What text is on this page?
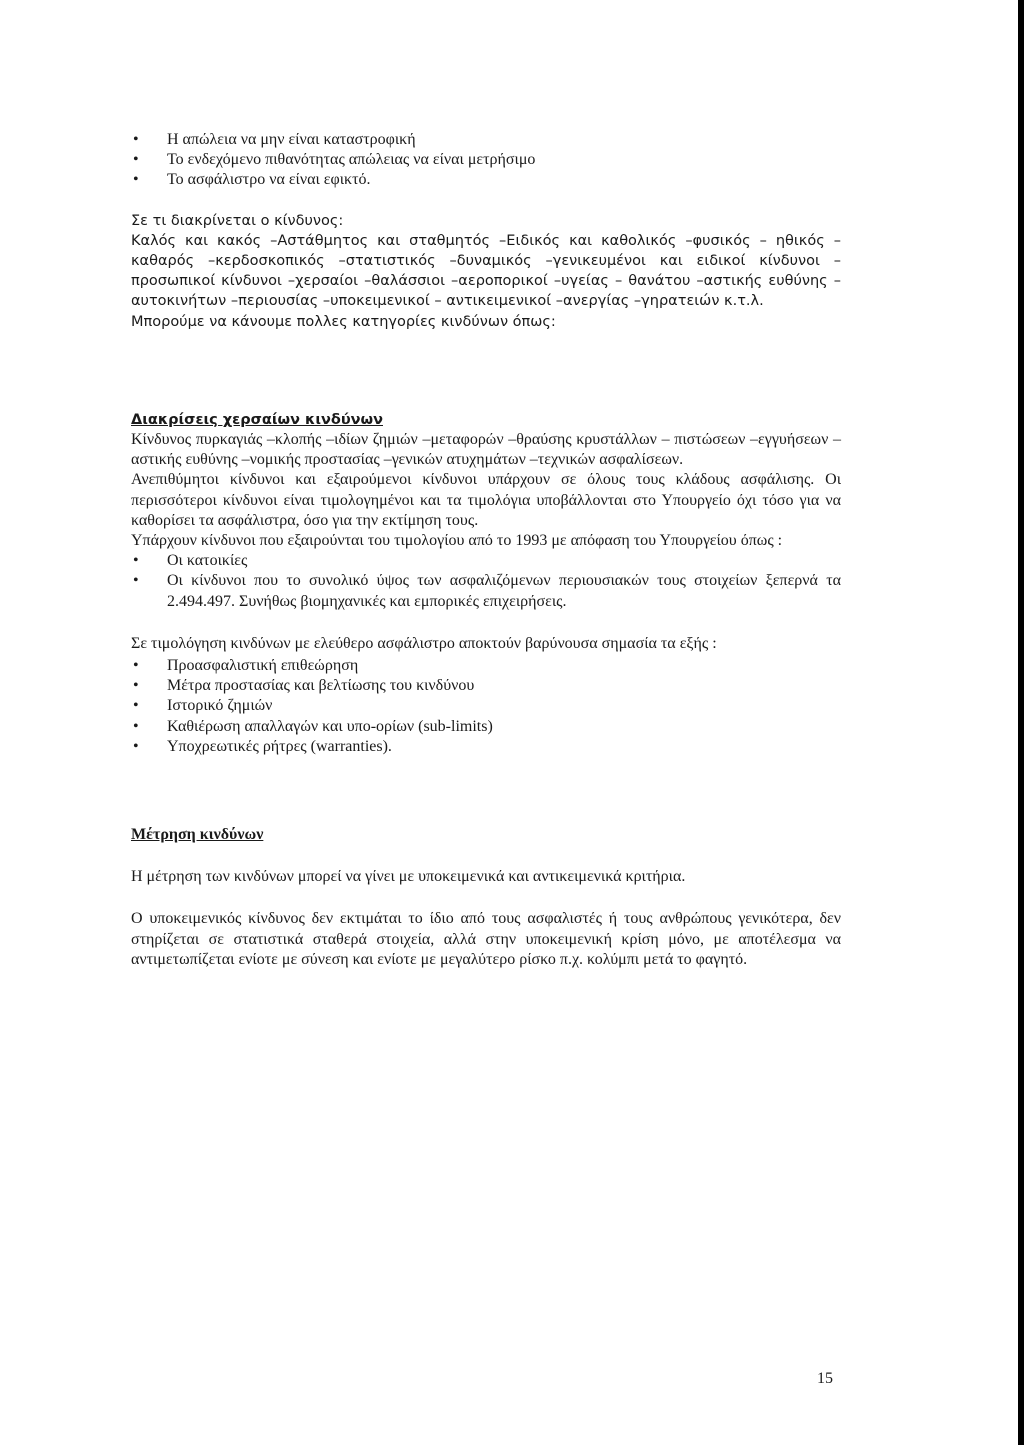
• Η απώλεια να μην είναι καταστροφική
• Το ενδεχόμενο πιθανότητας απώλειας να είναι μετρήσιμο
• Το ασφάλιστρο να είναι εφικτό.

Σε τι διακρίνεται ο κίνδυνος:

Καλός και κακός –Αστάθμητος και σταθμητός –Ειδικός και καθολικός –φυσικός – ηθικός –καθαρός –κερδοσκοπικός –στατιστικός –δυναμικός –γενικευμένοι και ειδικοί κίνδυνοι –προσωπικοί κίνδυνοι –χερσαίοι –θαλάσσιοι –αεροπορικοί –υγείας – θανάτου –αστικής ευθύνης –αυτοκινήτων –περιουσίας –υποκειμενικοί – αντικειμενικοί –ανεργίας –γηρατειών κ.τ.λ.

Μπορούμε να κάνουμε πολλες κατηγορίες κινδύνων όπως:

Διακρίσεις χερσαίων κινδύνων

Κίνδυνος πυρκαγιάς –κλοπής –ιδίων ζημιών –μεταφορών –θραύσης κρυστάλλων – πιστώσεων –εγγυήσεων –αστικής ευθύνης –νομικής προστασίας –γενικών ατυχημάτων –τεχνικών ασφαλίσεων.

Ανεπιθύμητοι κίνδυνοι και εξαιρούμενοι κίνδυνοι υπάρχουν σε όλους τους κλάδους ασφάλισης. Οι περισσότεροι κίνδυνοι είναι τιμολογημένοι και τα τιμολόγια υποβάλλονται στο Υπουργείο όχι τόσο για να καθορίσει τα ασφάλιστρα, όσο για την εκτίμηση τους.

Υπάρχουν κίνδυνοι που εξαιρούνται του τιμολογίου από το 1993 με απόφαση του Υπουργείου όπως :

• Οι κατοικίες
• Οι κίνδυνοι που το συνολικό ύψος των ασφαλιζόμενων περιουσιακών τους στοιχείων ξεπερνά τα 2.494.497. Συνήθως βιομηχανικές και εμπορικές επιχειρήσεις.

Σε τιμολόγηση κινδύνων με ελεύθερο ασφάλιστρο αποκτούν βαρύνουσα σημασία τα εξής :

• Προασφαλιστική επιθεώρηση
• Μέτρα προστασίας και βελτίωσης του κινδύνου
• Ιστορικό ζημιών
• Καθιέρωση απαλλαγών και υπο-ορίων (sub-limits)
• Υποχρεωτικές ρήτρες (warranties).

Μέτρηση κινδύνων

Η μέτρηση των κινδύνων μπορεί να γίνει με υποκειμενικά και αντικειμενικά κριτήρια.

Ο υποκειμενικός κίνδυνος δεν εκτιμάται το ίδιο από τους ασφαλιστές ή τους ανθρώπους γενικότερα, δεν στηρίζεται σε στατιστικά σταθερά στοιχεία, αλλά στην υποκειμενική κρίση μόνο, με αποτέλεσμα να αντιμετωπίζεται ενίοτε με σύνεση και ενίοτε με μεγαλύτερο ρίσκο π.χ. κολύμπι μετά το φαγητό.

15
